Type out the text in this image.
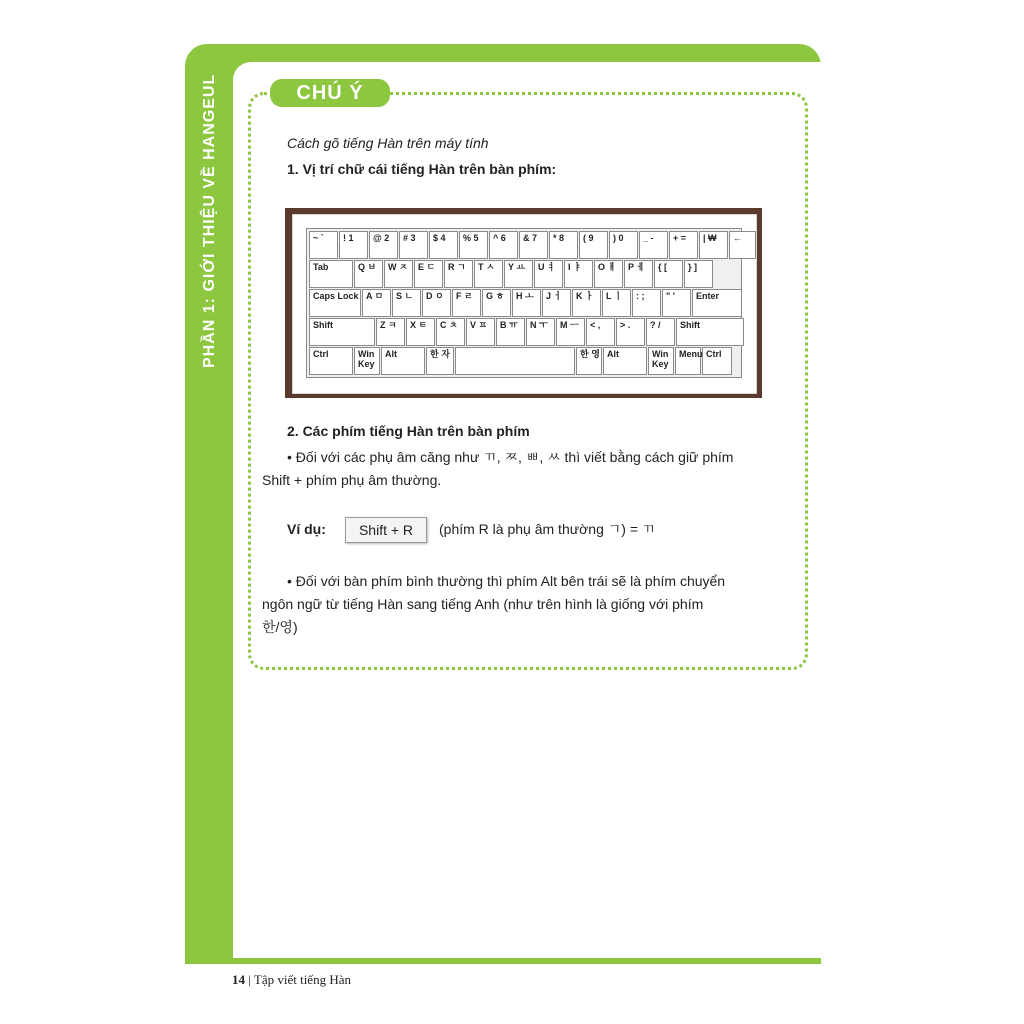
PHẦN 1: GIỚI THIỆU VỀ HANGEUL	CHÚ Ý
Cách gõ tiếng Hàn trên máy tính
1. Vị trí chữ cái tiếng Hàn trên bàn phím:
~ ` ! 1 @ 2 # 3 $ 4 % 5 ^ 6 & 7 * 8 ( 9 ) 0 _ - + = | ₩ ←
Tab	Q ㅂ W ㅈ E ㄷ R ㄱ T ㅅ Y ㅛ U ㅕ I ㅑ O ㅐ P ㅔ { [ } ]
Caps Lock A ㅁ S ㄴ D ㅇ F ㄹ G ㅎ H ㅗ J ㅓ K ㅏ L ㅣ : ; " ' Enter
Shift	Z ㅋ X ㅌ C ㅊ V ㅍ B ㅠ N ㅜ M ㅡ < , > . ? / Shift
Ctrl	Win Key
Alt	한 자	한 영 Alt	Win Key
Menu Ctrl
2. Các phím tiếng Hàn trên bàn phím
• Đối với các phụ âm căng như ㄲ, ㅉ, ㅃ, ㅆ thì viết bằng cách giữ phím
Shift + phím phụ âm thường.
Ví dụ:	Shift + R	(phím R là phụ âm thường ㄱ) = ㄲ
• Đối với bàn phím bình thường thì phím Alt bên trái sẽ là phím chuyển
ngôn ngữ từ tiếng Hàn sang tiếng Anh (như trên hình là giống với phím
한/영)
14 | Tập viết tiếng Hàn
